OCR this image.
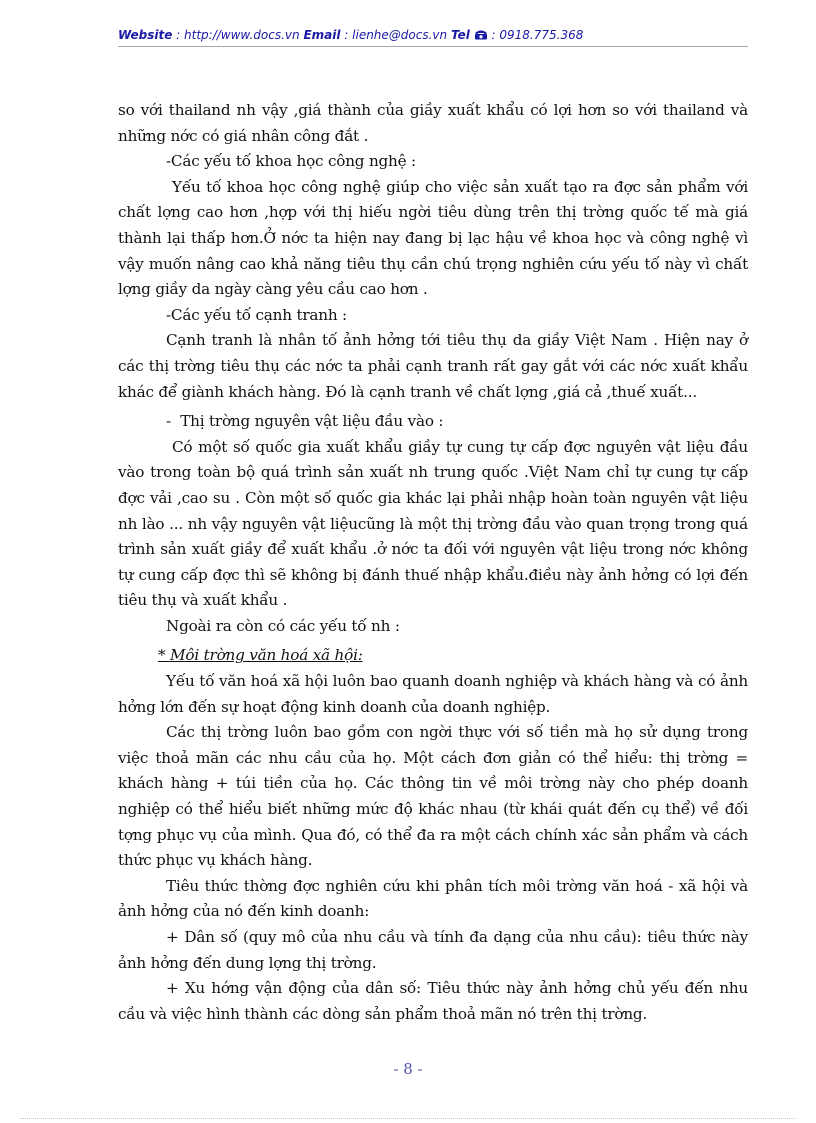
Website : http://www.docs.vn Email : lienhe@docs.vn Tel : 0918.775.368

so với thailand nh vậy ,giá thành của giầy xuất khẩu có lợi hơn so với thailand và những nớc có giá nhân công đắt .

-Các yếu tố khoa học công nghệ :

Yếu tố khoa học công nghệ giúp cho việc sản xuất tạo ra đợc sản phẩm với chất lợng cao hơn ,hợp với thị hiếu ngời tiêu dùng trên thị trờng quốc tế mà giá thành lại thấp hơn.Ở nớc ta hiện nay đang bị lạc hậu về khoa học và công nghệ vì vậy muốn nâng cao khả năng tiêu thụ cần chú trọng nghiên cứu yếu tố này vì chất lợng giầy da ngày càng yêu cầu cao hơn .

-Các yếu tố cạnh tranh :

Cạnh tranh là nhân tố ảnh hởng tới tiêu thụ da giầy Việt Nam . Hiện nay ở các thị trờng tiêu thụ các nớc ta phải cạnh tranh rất gay gắt với các nớc xuất khẩu khác để giành khách hàng. Đó là cạnh tranh về chất lợng ,giá cả ,thuế xuất...

- Thị trờng nguyên vật liệu đầu vào :

Có một số quốc gia xuất khẩu giầy tự cung tự cấp đợc nguyên vật liệu đầu vào trong toàn bộ quá trình sản xuất nh trung quốc .Việt Nam chỉ tự cung tự cấp đợc vải ,cao su . Còn một số quốc gia khác lại phải nhập hoàn toàn nguyên vật liệu nh lào ... nh vậy nguyên vật liệucũng là một thị trờng đầu vào quan trọng trong quá trình sản xuất giầy để xuất khẩu .ở nớc ta đối với nguyên vật liệu trong nớc không tự cung cấp đợc thì sẽ không bị đánh thuế nhập khẩu.điều này ảnh hởng có lợi đến tiêu thụ và xuất khẩu .

Ngoài ra còn có các yếu tố nh :

* Môi trờng văn hoá xã hội:

Yếu tố văn hoá xã hội luôn bao quanh doanh nghiệp và khách hàng và có ảnh hởng lớn đến sự hoạt động kinh doanh của doanh nghiệp.

Các thị trờng luôn bao gồm con ngời thực với số tiền mà họ sử dụng trong việc thoả mãn các nhu cầu của họ. Một cách đơn giản có thể hiểu: thị trờng = khách hàng + túi tiền của họ. Các thông tin về môi trờng này cho phép doanh nghiệp có thể hiểu biết những mức độ khác nhau (từ khái quát đến cụ thể) về đối tợng phục vụ của mình. Qua đó, có thể đa ra một cách chính xác sản phẩm và cách thức phục vụ khách hàng.

Tiêu thức thờng đợc nghiên cứu khi phân tích môi trờng văn hoá - xã hội và ảnh hởng của nó đến kinh doanh:

+ Dân số (quy mô của nhu cầu và tính đa dạng của nhu cầu): tiêu thức này ảnh hởng đến dung lợng thị trờng.

+ Xu hớng vận động của dân số: Tiêu thức này ảnh hởng chủ yếu đến nhu cầu và việc hình thành các dòng sản phẩm thoả mãn nó trên thị trờng.

- 8 -
